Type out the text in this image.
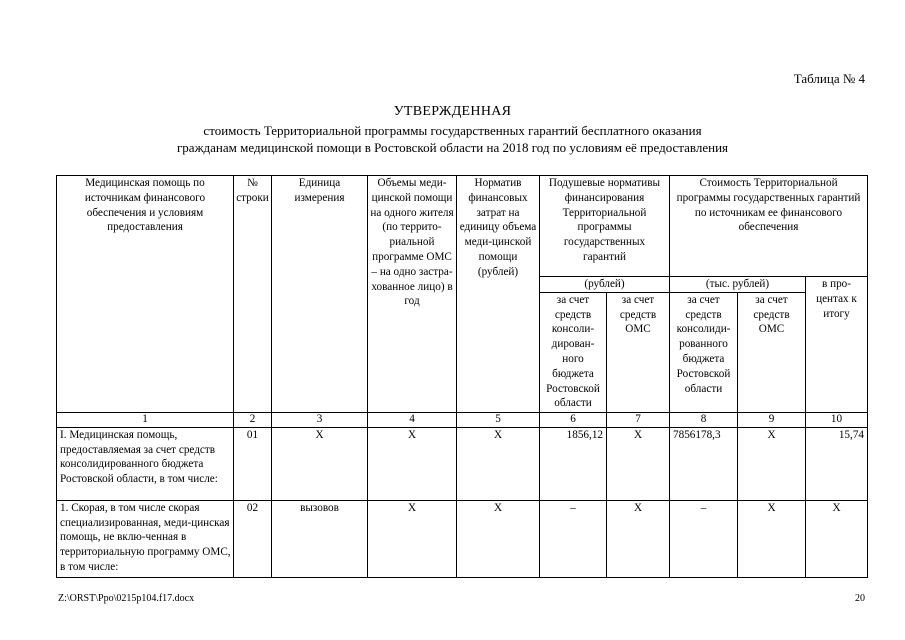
Таблица № 4
УТВЕРЖДЕННАЯ
стоимость Территориальной программы государственных гарантий бесплатного оказания
гражданам медицинской помощи в Ростовской области на 2018 год по условиям её предоставления
Медицинская помощь по источникам финансового обеспечения и условиям предоставления	№ строки	Единица измерения	Объемы меди-цинской помощи на одного жителя (по террито-риальной программе ОМС – на одно застра-хованное лицо) в год	Норматив финансовых затрат на единицу объема меди-цинской помощи (рублей)	Подушевые нормативы финансирования Территориальной программы государственных гарантий		Стоимость Территориальной программы государственных гарантий по источникам ее финансового обеспечения		
					(рублей)		(тыс. рублей)		в про-центах к итогу
					за счет средств консоли-дирован-ного бюджета Ростовской области	за счет средств ОМС	за счет средств консолиди-рованного бюджета Ростовской области	за счет средств ОМС	
1	2	3	4	5	6	7	8	9	10
I. Медицинская помощь, предоставляемая за счет средств консолидированного бюджета Ростовской области, в том числе:	01	X	X	X	1856,12	X	7856178,3	X	15,74
1. Скорая, в том числе скорая специализированная, меди-цинская помощь, не вклю-ченная в территориальную программу ОМС, в том числе:	02	вызовов	X	X	–	X	–	X	X
Z:\ORST\Ppo\0215p104.f17.docx	20
